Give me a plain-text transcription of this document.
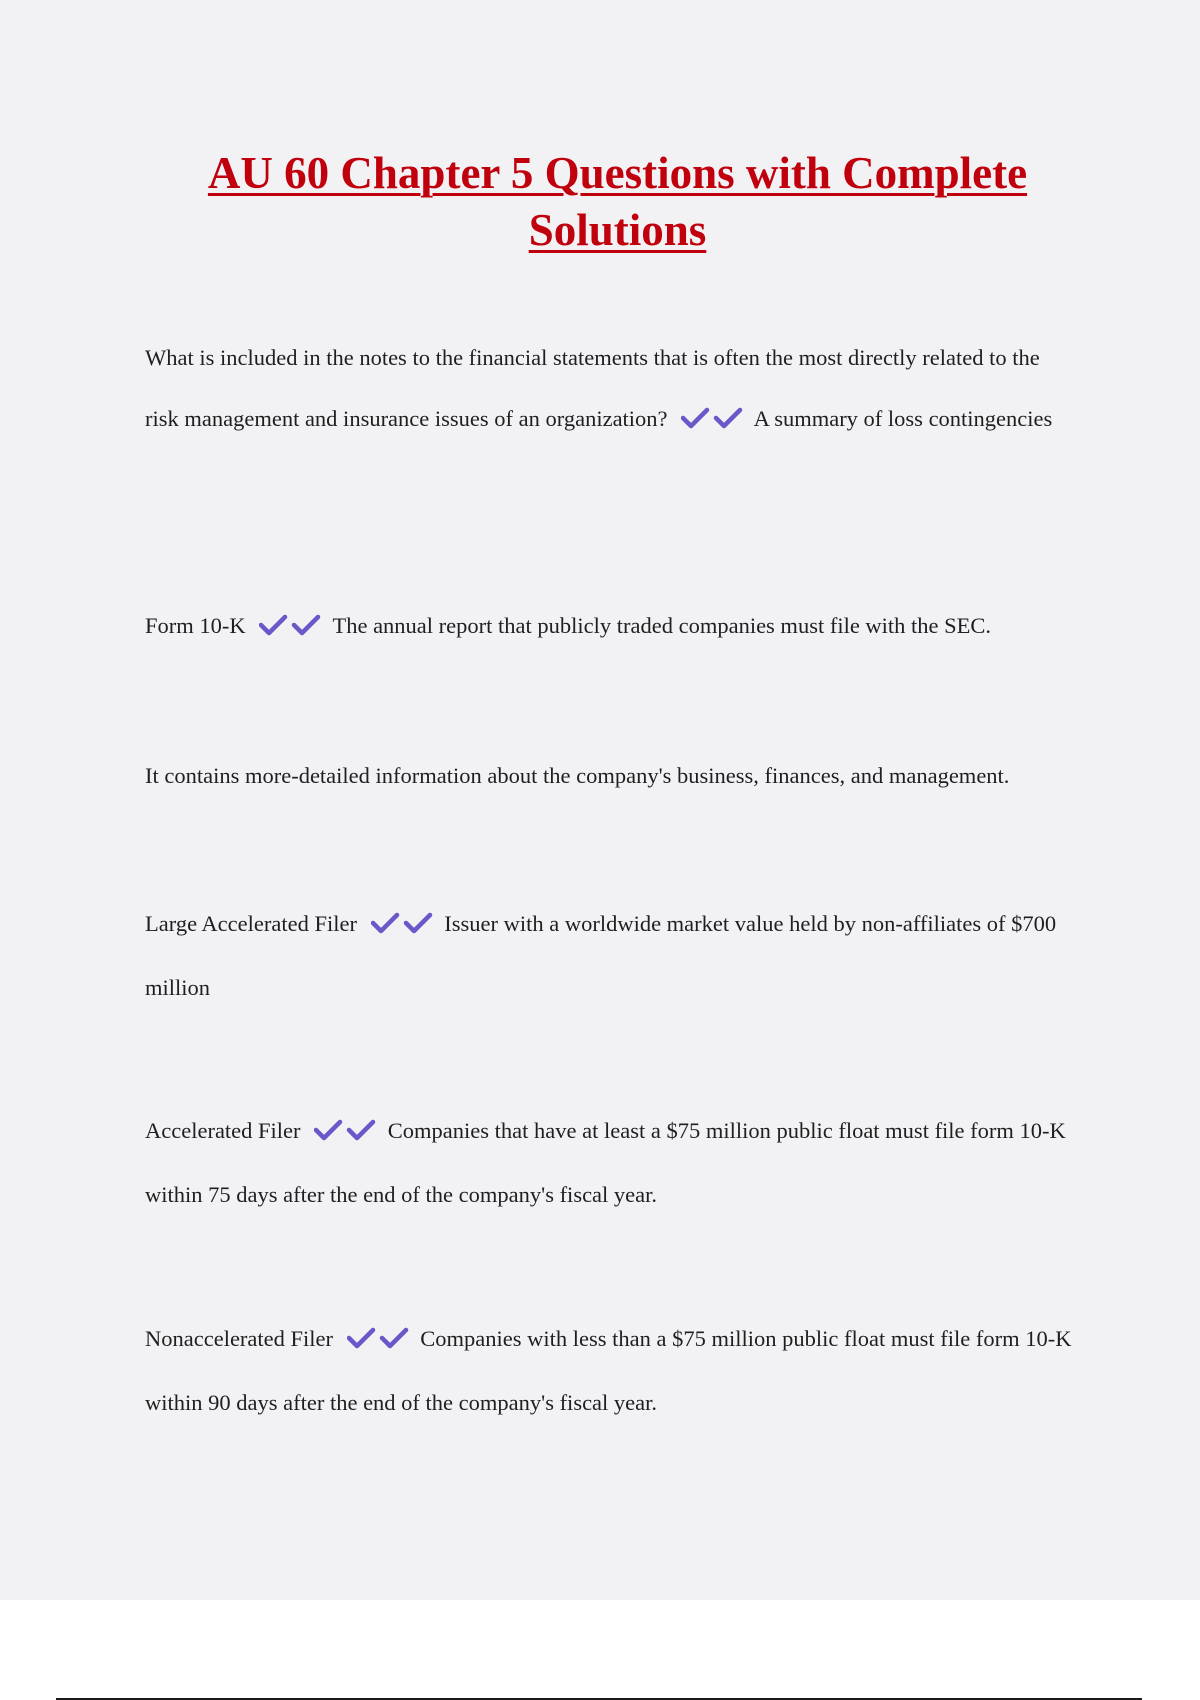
AU 60 Chapter 5 Questions with Complete Solutions

What is included in the notes to the financial statements that is often the most directly related to the risk management and insurance issues of an organization?	A summary of loss contingencies

Form 10-K	The annual report that publicly traded companies must file with the SEC.

It contains more-detailed information about the company's business, finances, and management.

Large Accelerated Filer	Issuer with a worldwide market value held by non-affiliates of $700 million

Accelerated Filer	Companies that have at least a $75 million public float must file form 10-K within 75 days after the end of the company's fiscal year.

Nonaccelerated Filer	Companies with less than a $75 million public float must file form 10-K within 90 days after the end of the company's fiscal year.
